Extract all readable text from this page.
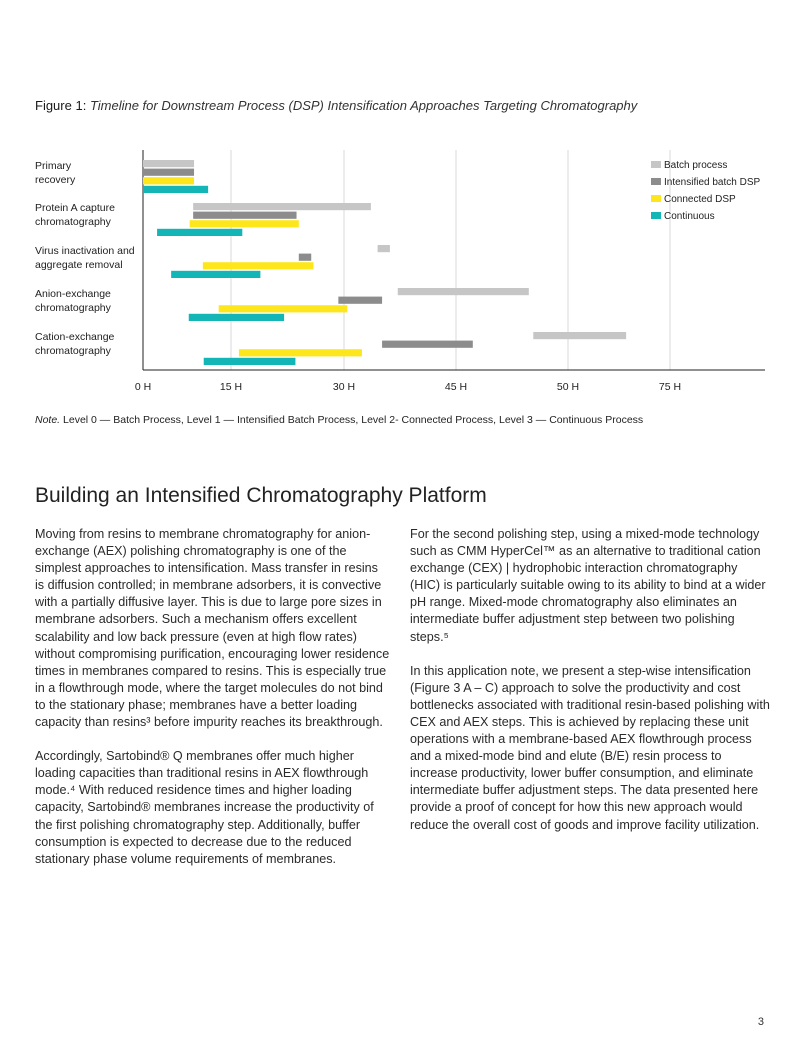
Figure 1: Timeline for Downstream Process (DSP) Intensification Approaches Targeting Chromatography
0 H	15 H	30 H	45 H	50 H	75 H
Batch process
Intensified batch DSP
Connected DSP
Continuous
Primary
recovery
Protein A capture
chromatography
Virus inactivation and
aggregate removal
Anion-exchange
chromatography
Cation-exchange
chromatography
Note. Level 0 — Batch Process, Level 1 — Intensified Batch Process, Level 2- Connected Process, Level 3 — Continuous Process
Building an Intensified Chromatography Platform

Moving from resins to membrane chromatography for anion-exchange (AEX) polishing chromatography is one of the simplest approaches to intensification. Mass transfer in resins is diffusion controlled; in membrane adsorbers, it is convective with a partially diffusive layer. This is due to large pore sizes in membrane adsorbers. Such a mechanism offers excellent scalability and low back pressure (even at high flow rates) without compromising purification, encouraging lower residence times in membranes compared to resins. This is especially true in a flowthrough mode, where the target molecules do not bind to the stationary phase; membranes have a better loading capacity than resins³ before impurity reaches its breakthrough.

Accordingly, Sartobind® Q membranes offer much higher loading capacities than traditional resins in AEX flowthrough mode.⁴ With reduced residence times and higher loading capacity, Sartobind® membranes increase the productivity of the first polishing chromatography step. Additionally, buffer consumption is expected to decrease due to the reduced stationary phase volume requirements of membranes.

For the second polishing step, using a mixed-mode technology such as CMM HyperCel™ as an alternative to traditional cation exchange (CEX) | hydrophobic interaction chromatography (HIC) is particularly suitable owing to its ability to bind at a wider pH range. Mixed-mode chromatography also eliminates an intermediate buffer adjustment step between two polishing steps.⁵

In this application note, we present a step-wise intensification (Figure 3 A – C) approach to solve the productivity and cost bottlenecks associated with traditional resin-based polishing with CEX and AEX steps. This is achieved by replacing these unit operations with a membrane-based AEX flowthrough process and a mixed-mode bind and elute (B/E) resin process to increase productivity, lower buffer consumption, and eliminate intermediate buffer adjustment steps. The data presented here provide a proof of concept for how this new approach would reduce the overall cost of goods and improve facility utilization.

3
